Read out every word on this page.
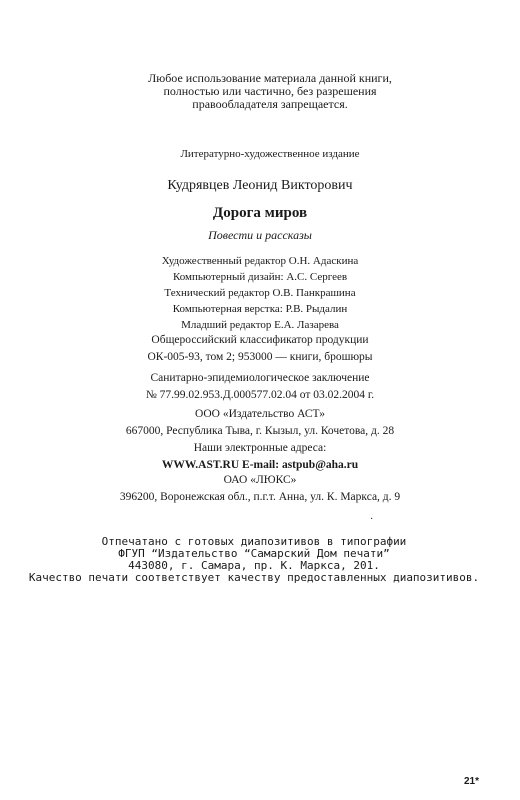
Любое использование материала данной книги,
полностью или частично, без разрешения
правообладателя запрещается.
Литературно-художественное издание
Кудрявцев Леонид Викторович
Дорога миров
Повести и рассказы
Художественный редактор О.Н. Адаскина
Компьютерный дизайн: А.С. Сергеев
Технический редактор О.В. Панкрашина
Компьютерная верстка: Р.В. Рыдалин
Младший редактор Е.А. Лазарева
Общероссийский классификатор продукции
ОК-005-93, том 2; 953000 — книги, брошюры
Санитарно-эпидемиологическое заключение
№ 77.99.02.953.Д.000577.02.04 от 03.02.2004 г.
ООО «Издательство АСТ»
667000, Республика Тыва, г. Кызыл, ул. Кочетова, д. 28
Наши электронные адреса:
WWW.AST.RU E-mail: astpub@aha.ru
ОАО «ЛЮКС»
396200, Воронежская обл., п.г.т. Анна, ул. К. Маркса, д. 9
·
Отпечатано с готовых диапозитивов в типографии
ФГУП “Издательство “Самарский Дом печати”
443080, г. Самара, пр. К. Маркса, 201.
Качество печати соответствует качеству предоставленных диапозитивов.
21*
